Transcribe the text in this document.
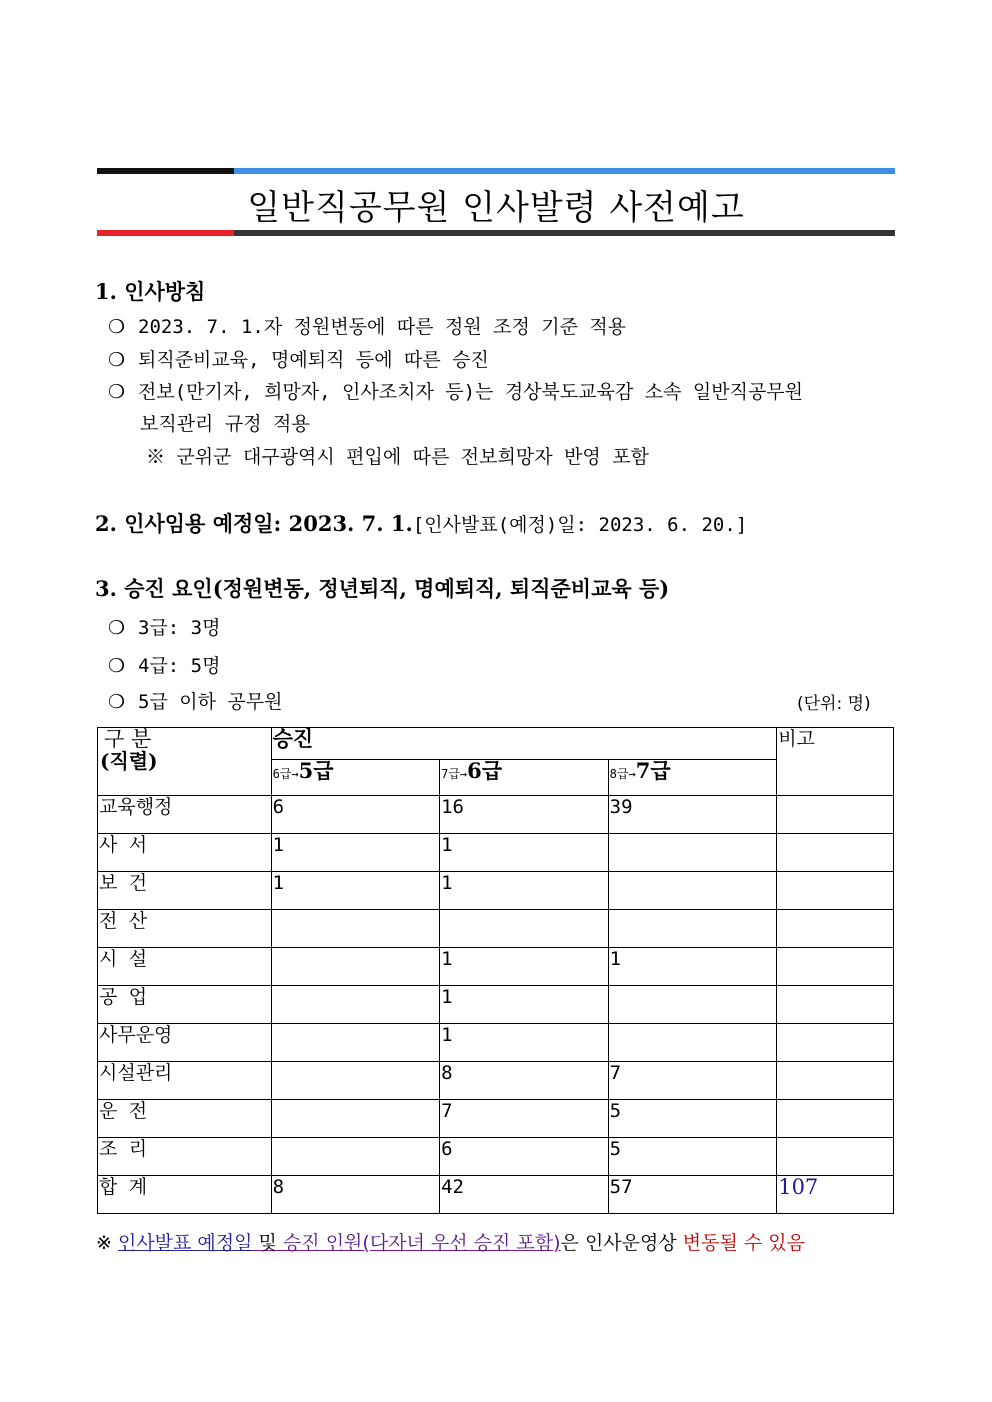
일반직공무원 인사발령 사전예고
1. 인사방침
❍ 2023. 7. 1.자 정원변동에 따른 정원 조정 기준 적용
❍ 퇴직준비교육, 명예퇴직 등에 따른 승진
❍ 전보(만기자, 희망자, 인사조치자 등)는 경상북도교육감 소속 일반직공무원
보직관리 규정 적용
※ 군위군 대구광역시 편입에 따른 전보희망자 반영 포함
2. 인사임용 예정일: 2023. 7. 1.[인사발표(예정)일: 2023. 6. 20.]
3. 승진 요인(정원변동, 정년퇴직, 명예퇴직, 퇴직준비교육 등)
❍ 3급: 3명
❍ 4급: 5명
❍ 5급 이하 공무원	(단위: 명)
구 분
(직렬)	승진			비고
	6급→5급	7급→6급	8급→7급	
교육행정	6	16	39	
사 서	1	1		
보 건	1	1		
전 산				
시 설		1	1	
공 업		1		
사무운영		1		
시설관리		8	7	
운 전		7	5	
조 리		6	5	
합 계	8	42	57	107
※ 인사발표 예정일 및 승진 인원(다자녀 우선 승진 포함)은 인사운영상 변동될 수 있음
